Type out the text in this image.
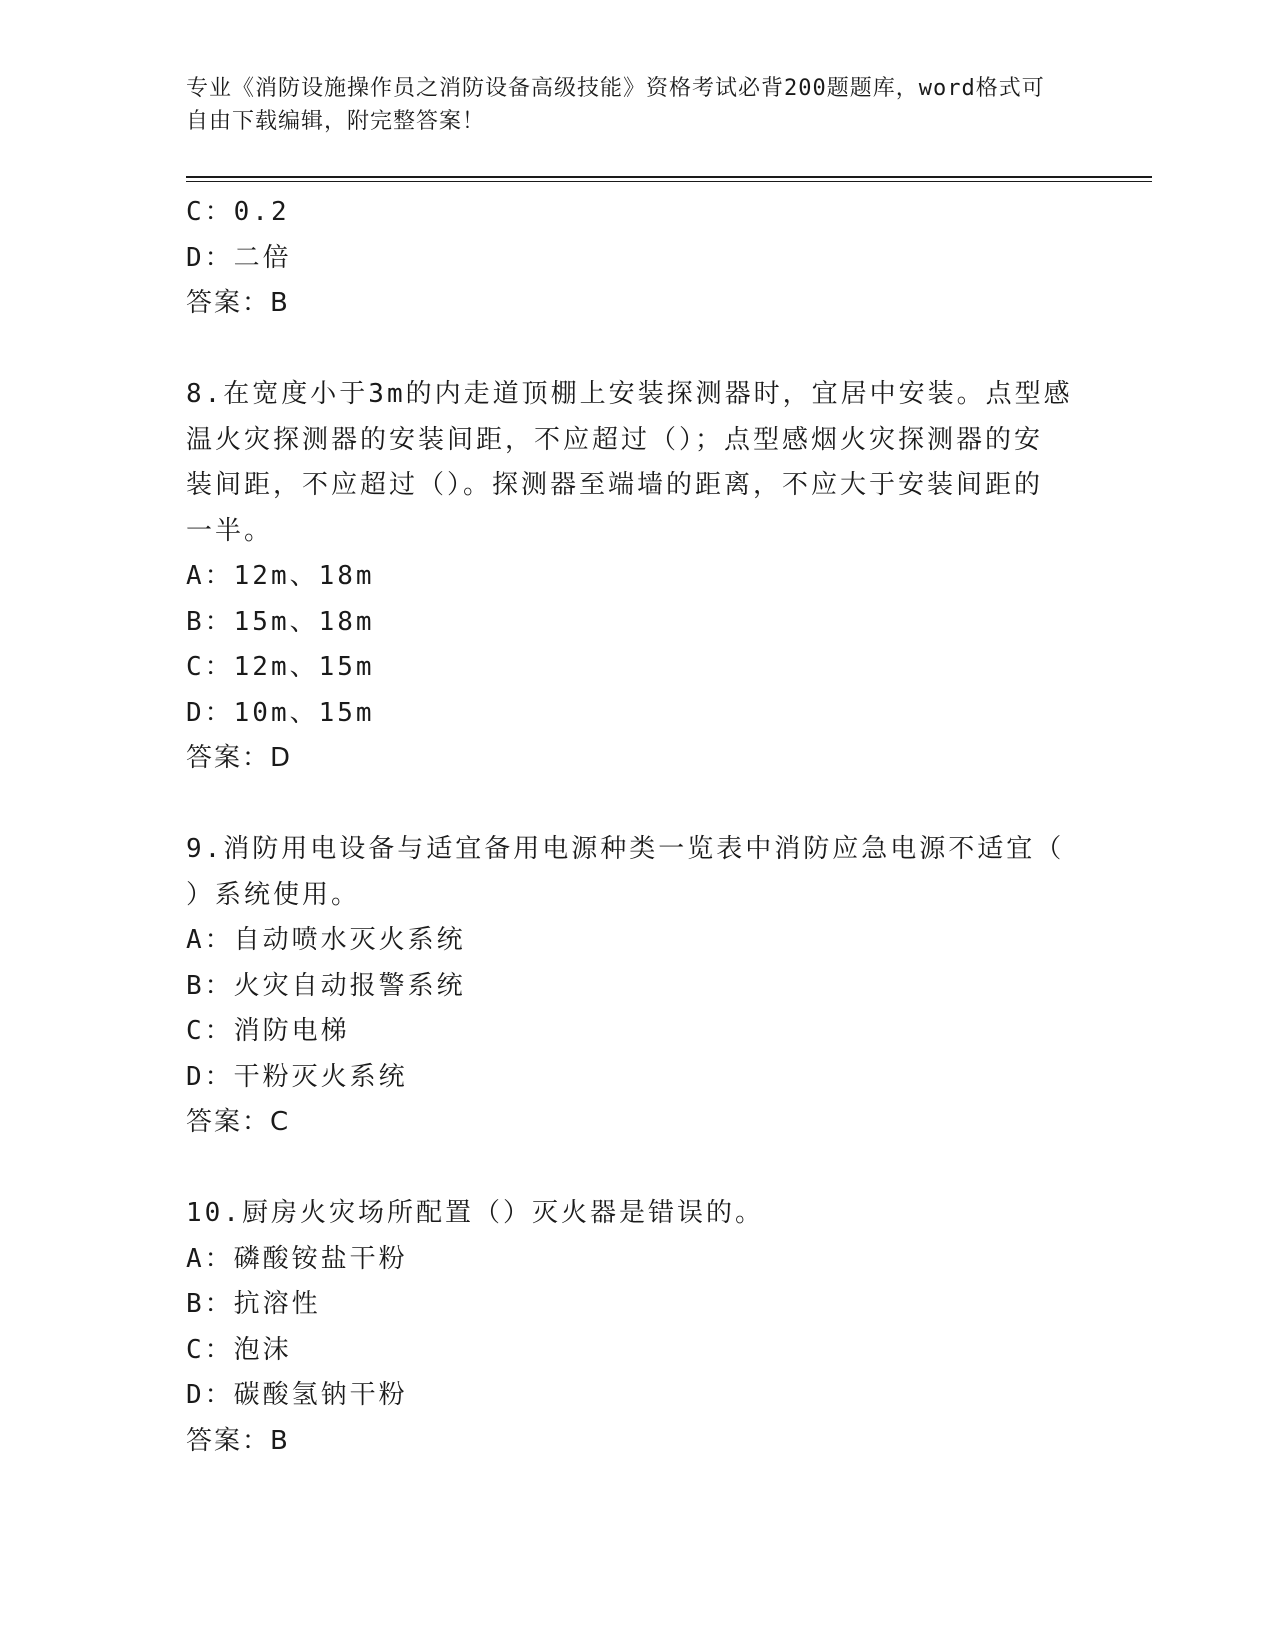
专业《消防设施操作员之消防设备高级技能》资格考试必背200题题库，word格式可自由下载编辑，附完整答案！
C：0.2
D：二倍
答案：B
8.在宽度小于3m的内走道顶棚上安装探测器时，宜居中安装。点型感
温火灾探测器的安装间距，不应超过（）；点型感烟火灾探测器的安
装间距，不应超过（）。探测器至端墙的距离，不应大于安装间距的
一半。
A：12m、18m
B：15m、18m
C：12m、15m
D：10m、15m
答案：D
9.消防用电设备与适宜备用电源种类一览表中消防应急电源不适宜（
）系统使用。
A：自动喷水灭火系统
B：火灾自动报警系统
C：消防电梯
D：干粉灭火系统
答案：C
10.厨房火灾场所配置（）灭火器是错误的。
A：磷酸铵盐干粉
B：抗溶性
C：泡沫
D：碳酸氢钠干粉
答案：B
